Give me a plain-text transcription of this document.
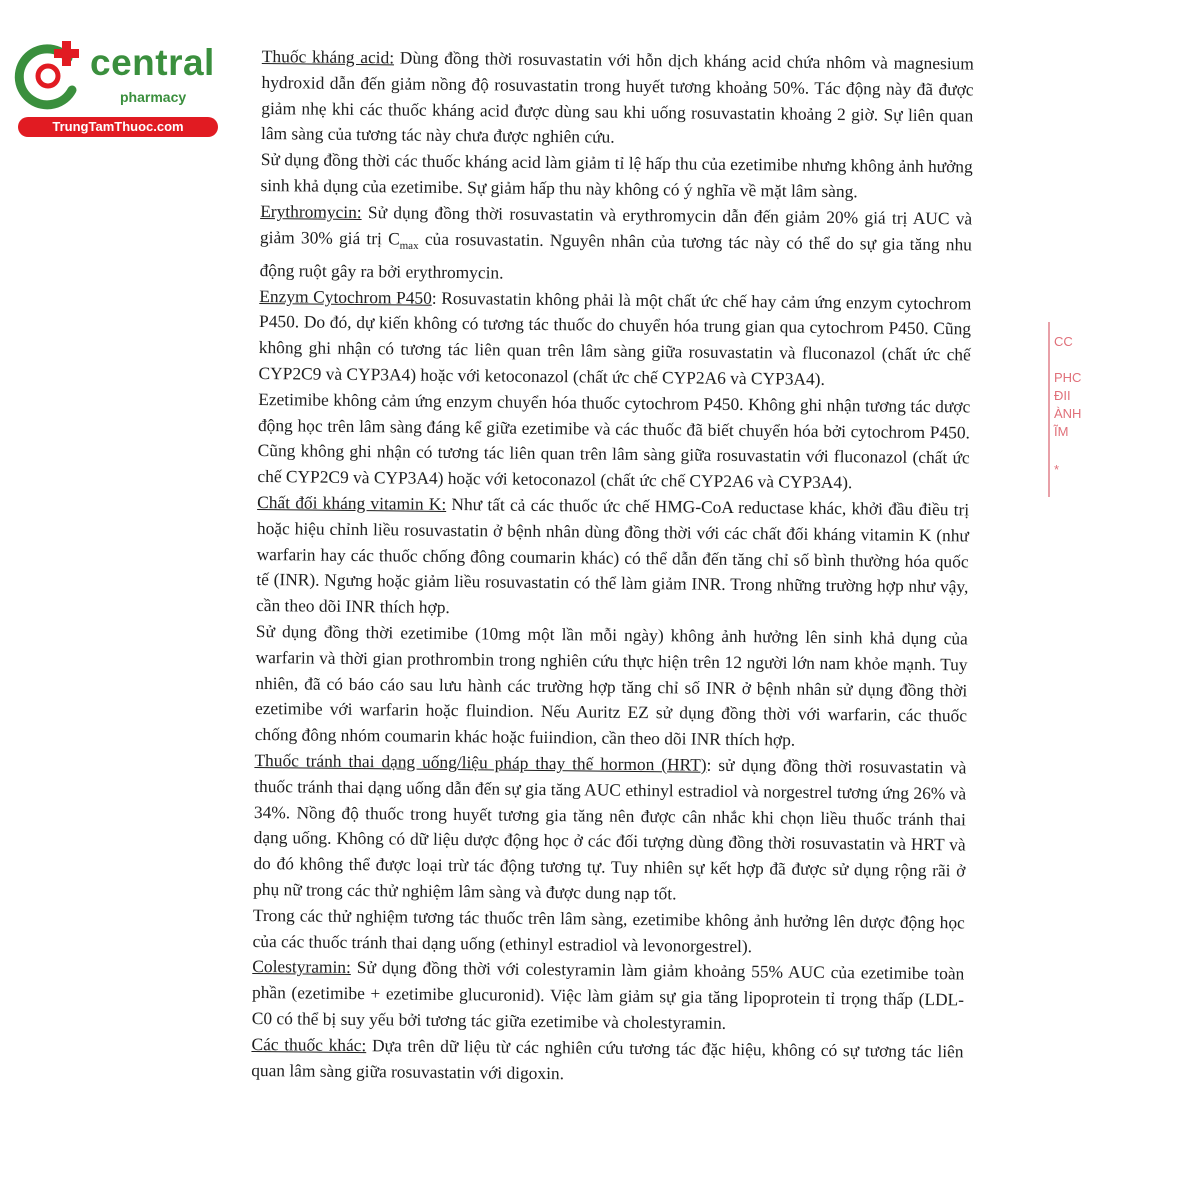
central
pharmacy
TrungTamThuoc.com

Thuốc kháng acid: Dùng đồng thời rosuvastatin với hỗn dịch kháng acid chứa nhôm và magnesium hydroxid dẫn đến giảm nồng độ rosuvastatin trong huyết tương khoảng 50%. Tác động này đã được giảm nhẹ khi các thuốc kháng acid được dùng sau khi uống rosuvastatin khoảng 2 giờ. Sự liên quan lâm sàng của tương tác này chưa được nghiên cứu.

Sử dụng đồng thời các thuốc kháng acid làm giảm tỉ lệ hấp thu của ezetimibe nhưng không ảnh hưởng sinh khả dụng của ezetimibe. Sự giảm hấp thu này không có ý nghĩa về mặt lâm sàng.

Erythromycin: Sử dụng đồng thời rosuvastatin và erythromycin dẫn đến giảm 20% giá trị AUC và giảm 30% giá trị $C_{max}$ của rosuvastatin. Nguyên nhân của tương tác này có thể do sự gia tăng nhu động ruột gây ra bởi erythromycin.

Enzym Cytochrom P450: Rosuvastatin không phải là một chất ức chế hay cảm ứng enzym cytochrom P450. Do đó, dự kiến không có tương tác thuốc do chuyển hóa trung gian qua cytochrom P450. Cũng không ghi nhận có tương tác liên quan trên lâm sàng giữa rosuvastatin và fluconazol (chất ức chế CYP2C9 và CYP3A4) hoặc với ketoconazol (chất ức chế CYP2A6 và CYP3A4).

Ezetimibe không cảm ứng enzym chuyển hóa thuốc cytochrom P450. Không ghi nhận tương tác dược động học trên lâm sàng đáng kể giữa ezetimibe và các thuốc đã biết chuyển hóa bởi cytochrom P450. Cũng không ghi nhận có tương tác liên quan trên lâm sàng giữa rosuvastatin với fluconazol (chất ức chế CYP2C9 và CYP3A4) hoặc với ketoconazol (chất ức chế CYP2A6 và CYP3A4).

Chất đối kháng vitamin K: Như tất cả các thuốc ức chế HMG-CoA reductase khác, khởi đầu điều trị hoặc hiệu chỉnh liều rosuvastatin ở bệnh nhân dùng đồng thời với các chất đối kháng vitamin K (như warfarin hay các thuốc chống đông coumarin khác) có thể dẫn đến tăng chỉ số bình thường hóa quốc tế (INR). Ngưng hoặc giảm liều rosuvastatin có thể làm giảm INR. Trong những trường hợp như vậy, cần theo dõi INR thích hợp.

Sử dụng đồng thời ezetimibe (10mg một lần mỗi ngày) không ảnh hưởng lên sinh khả dụng của warfarin và thời gian prothrombin trong nghiên cứu thực hiện trên 12 người lớn nam khỏe mạnh. Tuy nhiên, đã có báo cáo sau lưu hành các trường hợp tăng chỉ số INR ở bệnh nhân sử dụng đồng thời ezetimibe với warfarin hoặc fluindion. Nếu Auritz EZ sử dụng đồng thời với warfarin, các thuốc chống đông nhóm coumarin khác hoặc fuiindion, cần theo dõi INR thích hợp.

Thuốc tránh thai dạng uống/liệu pháp thay thế hormon (HRT): sử dụng đồng thời rosuvastatin và thuốc tránh thai dạng uống dẫn đến sự gia tăng AUC ethinyl estradiol và norgestrel tương ứng 26% và 34%. Nồng độ thuốc trong huyết tương gia tăng nên được cân nhắc khi chọn liều thuốc tránh thai dạng uống. Không có dữ liệu dược động học ở các đối tượng dùng đồng thời rosuvastatin và HRT và do đó không thể được loại trừ tác động tương tự. Tuy nhiên sự kết hợp đã được sử dụng rộng rãi ở phụ nữ trong các thử nghiệm lâm sàng và được dung nạp tốt.

Trong các thử nghiệm tương tác thuốc trên lâm sàng, ezetimibe không ảnh hưởng lên dược động học của các thuốc tránh thai dạng uống (ethinyl estradiol và levonorgestrel).

Colestyramin: Sử dụng đồng thời với colestyramin làm giảm khoảng 55% AUC của ezetimibe toàn phần (ezetimibe + ezetimibe glucuronid). Việc làm giảm sự gia tăng lipoprotein tỉ trọng thấp (LDL-C0 có thể bị suy yếu bởi tương tác giữa ezetimibe và cholestyramin.

Các thuốc khác: Dựa trên dữ liệu từ các nghiên cứu tương tác đặc hiệu, không có sự tương tác liên quan lâm sàng giữa rosuvastatin với digoxin.

CC
PHC
ĐII
ÀNH
ĨM
*
